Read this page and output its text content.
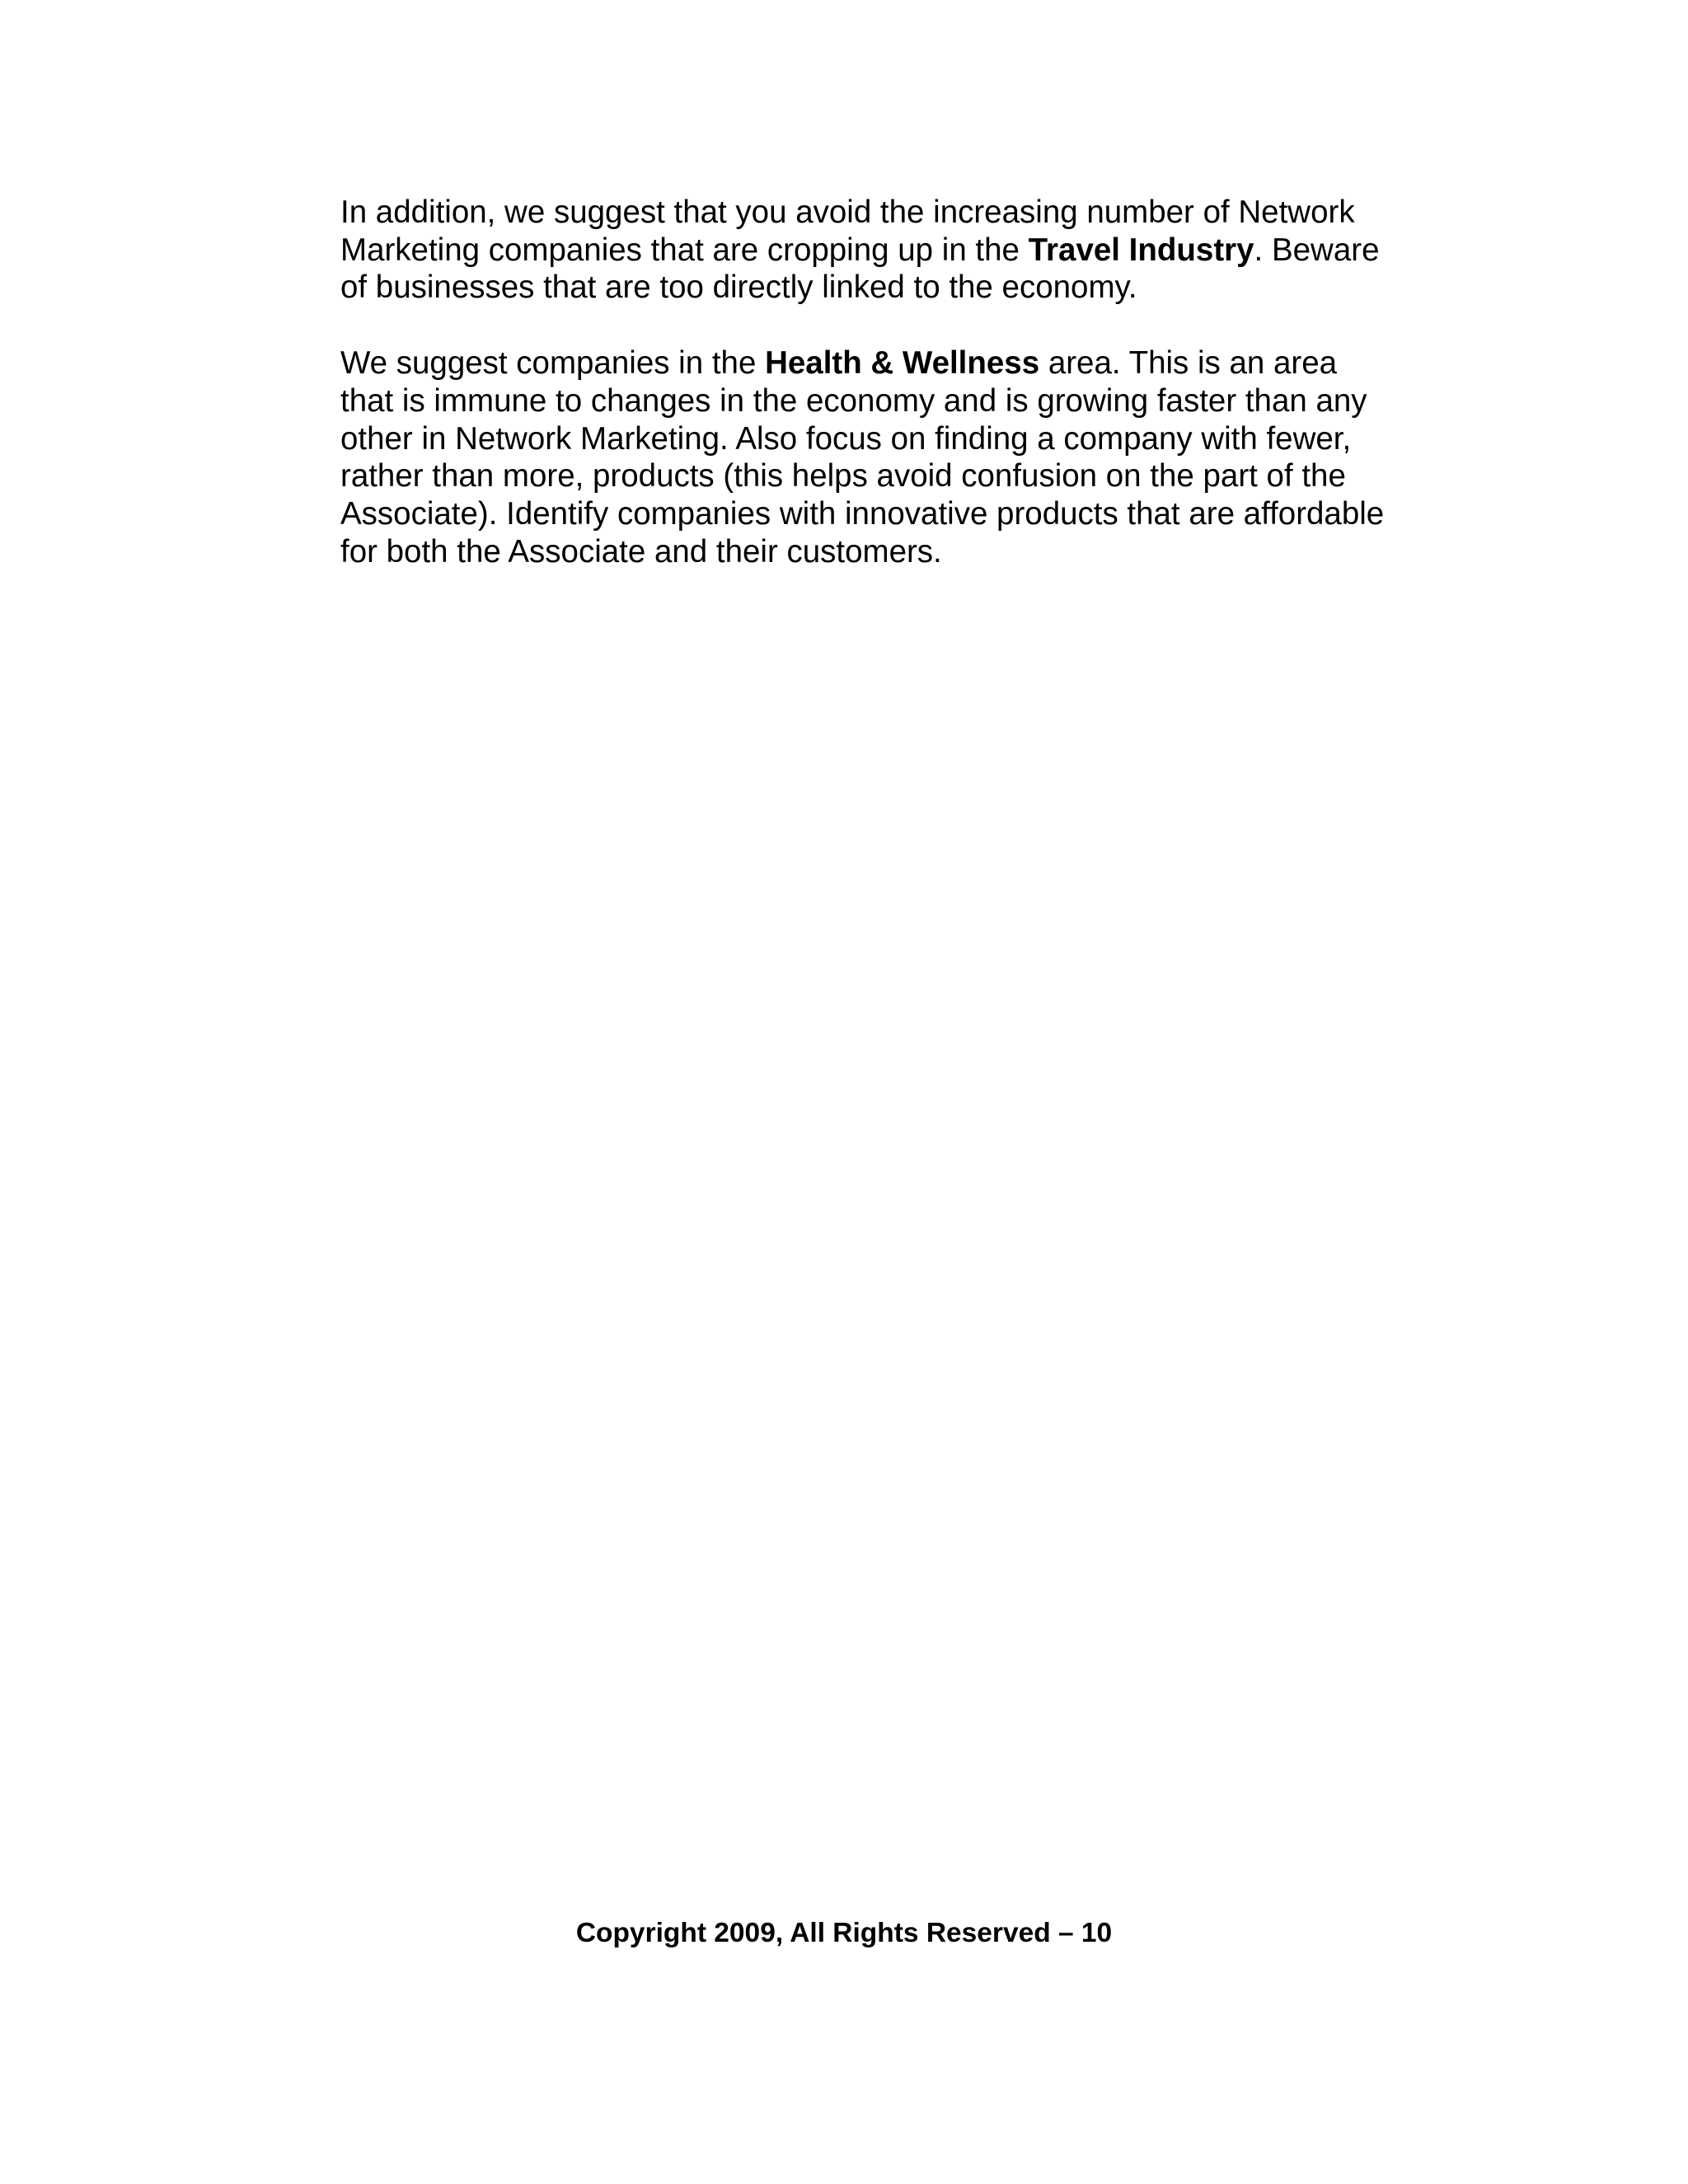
In addition, we suggest that you avoid the increasing number of Network
Marketing companies that are cropping up in the Travel Industry. Beware
of businesses that are too directly linked to the economy.

We suggest companies in the Health & Wellness area. This is an area
that is immune to changes in the economy and is growing faster than any
other in Network Marketing. Also focus on finding a company with fewer,
rather than more, products (this helps avoid confusion on the part of the
Associate). Identify companies with innovative products that are affordable
for both the Associate and their customers.

Copyright 2009, All Rights Reserved – 10
